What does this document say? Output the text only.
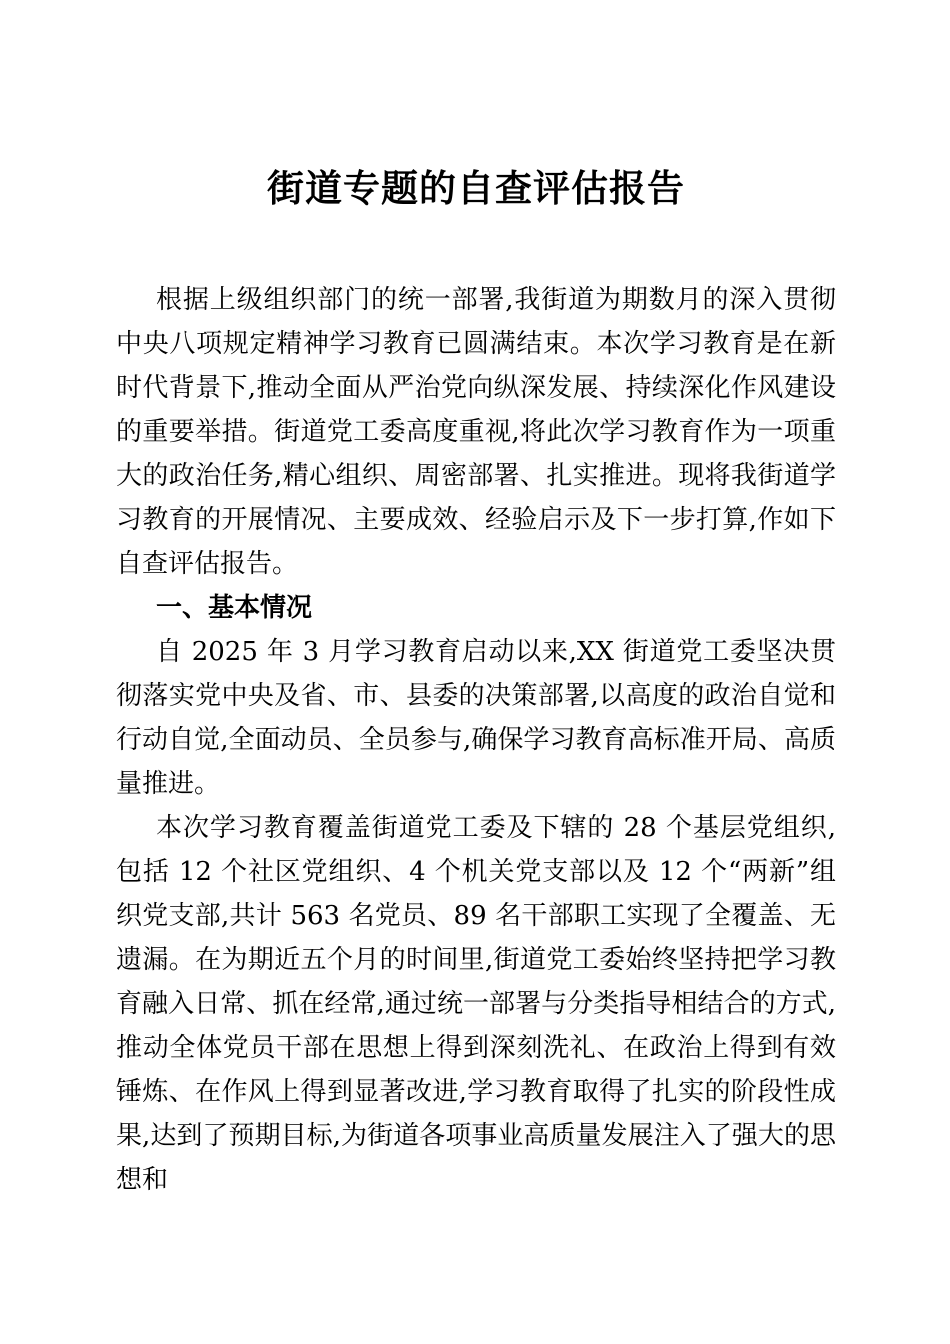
街道专题的自查评估报告

根据上级组织部门的统一部署,我街道为期数月的深入贯彻中央八项规定精神学习教育已圆满结束。本次学习教育是在新时代背景下,推动全面从严治党向纵深发展、持续深化作风建设的重要举措。街道党工委高度重视,将此次学习教育作为一项重大的政治任务,精心组织、周密部署、扎实推进。现将我街道学习教育的开展情况、主要成效、经验启示及下一步打算,作如下自查评估报告。

一、基本情况

自 2025 年 3 月学习教育启动以来,XX 街道党工委坚决贯彻落实党中央及省、市、县委的决策部署,以高度的政治自觉和行动自觉,全面动员、全员参与,确保学习教育高标准开局、高质量推进。

本次学习教育覆盖街道党工委及下辖的 28 个基层党组织,包括 12 个社区党组织、4 个机关党支部以及 12 个“两新”组织党支部,共计 563 名党员、89 名干部职工实现了全覆盖、无遗漏。在为期近五个月的时间里,街道党工委始终坚持把学习教育融入日常、抓在经常,通过统一部署与分类指导相结合的方式,推动全体党员干部在思想上得到深刻洗礼、在政治上得到有效锤炼、在作风上得到显著改进,学习教育取得了扎实的阶段性成果,达到了预期目标,为街道各项事业高质量发展注入了强大的思想和
